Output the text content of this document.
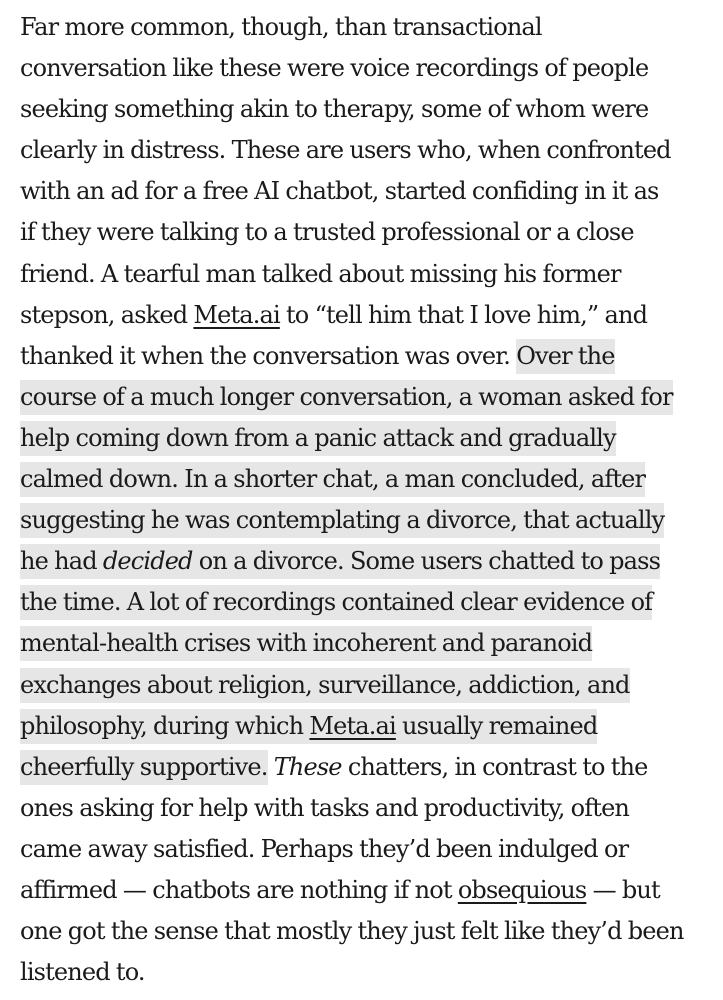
Far more common, though, than transactional
conversation like these were voice recordings of people
seeking something akin to therapy, some of whom were
clearly in distress. These are users who, when confronted
with an ad for a free AI chatbot, started confiding in it as
if they were talking to a trusted professional or a close
friend. A tearful man talked about missing his former
stepson, asked Meta.ai to “tell him that I love him,” and
thanked it when the conversation was over. Over the
course of a much longer conversation, a woman asked for
help coming down from a panic attack and gradually
calmed down. In a shorter chat, a man concluded, after
suggesting he was contemplating a divorce, that actually
he had decided on a divorce. Some users chatted to pass
the time. A lot of recordings contained clear evidence of
mental-health crises with incoherent and paranoid
exchanges about religion, surveillance, addiction, and
philosophy, during which Meta.ai usually remained
cheerfully supportive. These chatters, in contrast to the
ones asking for help with tasks and productivity, often
came away satisfied. Perhaps they’d been indulged or
affirmed — chatbots are nothing if not obsequious — but
one got the sense that mostly they just felt like they’d been
listened to.
